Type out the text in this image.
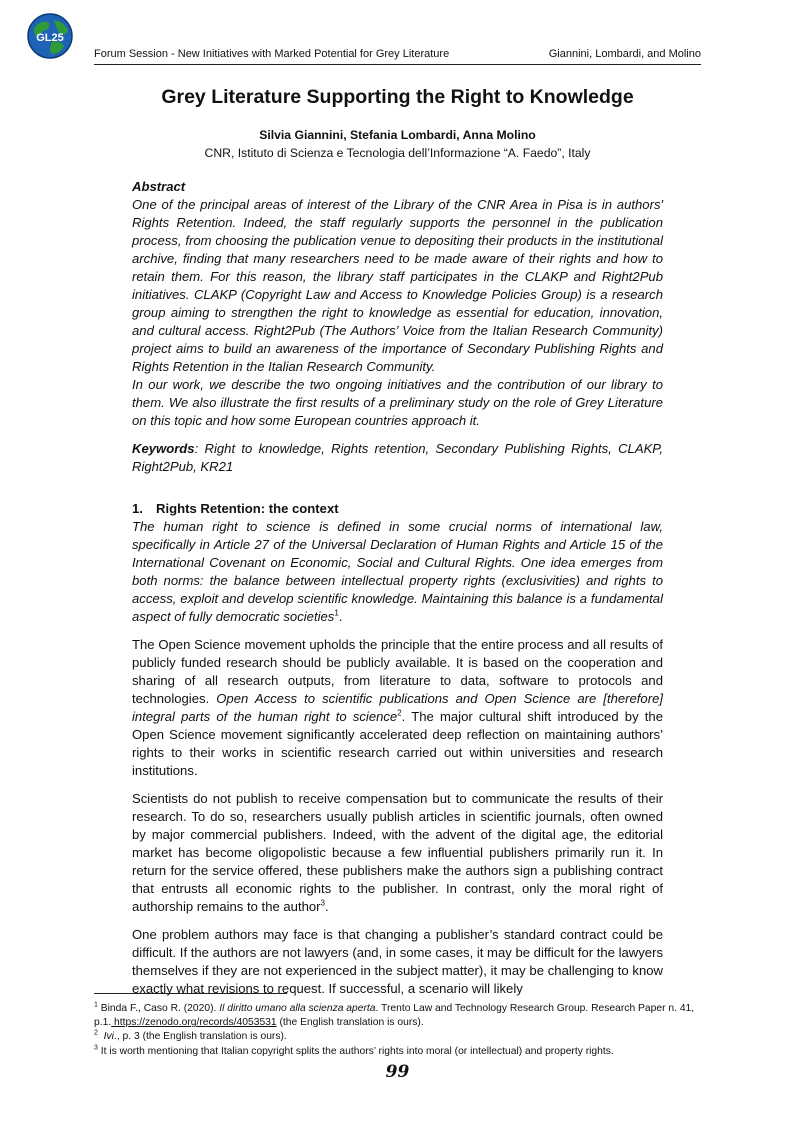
GL25
Forum Session - New Initiatives with Marked Potential for Grey Literature	Giannini, Lombardi, and Molino
Grey Literature Supporting the Right to Knowledge
Silvia Giannini, Stefania Lombardi, Anna Molino
CNR, Istituto di Scienza e Tecnologia dell’Informazione “A. Faedo”, Italy

Abstract

One of the principal areas of interest of the Library of the CNR Area in Pisa is in authors' Rights Retention. Indeed, the staff regularly supports the personnel in the publication process, from choosing the publication venue to depositing their products in the institutional archive, finding that many researchers need to be made aware of their rights and how to retain them. For this reason, the library staff participates in the CLAKP and Right2Pub initiatives. CLAKP (Copyright Law and Access to Knowledge Policies Group) is a research group aiming to strengthen the right to knowledge as essential for education, innovation, and cultural access. Right2Pub (The Authors’ Voice from the Italian Research Community) project aims to build an awareness of the importance of Secondary Publishing Rights and Rights Retention in the Italian Research Community.

In our work, we describe the two ongoing initiatives and the contribution of our library to them. We also illustrate the first results of a preliminary study on the role of Grey Literature on this topic and how some European countries approach it.

Keywords: Right to knowledge, Rights retention, Secondary Publishing Rights, CLAKP, Right2Pub, KR21

1. Rights Retention: the context

The human right to science is defined in some crucial norms of international law, specifically in Article 27 of the Universal Declaration of Human Rights and Article 15 of the International Covenant on Economic, Social and Cultural Rights. One idea emerges from both norms: the balance between intellectual property rights (exclusivities) and rights to access, exploit and develop scientific knowledge. Maintaining this balance is a fundamental aspect of fully democratic societies$^1$.

The Open Science movement upholds the principle that the entire process and all results of publicly funded research should be publicly available. It is based on the cooperation and sharing of all research outputs, from literature to data, software to protocols and technologies. Open Access to scientific publications and Open Science are [therefore] integral parts of the human right to science$^2$. The major cultural shift introduced by the Open Science movement significantly accelerated deep reflection on maintaining authors’ rights to their works in scientific research carried out within universities and research institutions.

Scientists do not publish to receive compensation but to communicate the results of their research. To do so, researchers usually publish articles in scientific journals, often owned by major commercial publishers. Indeed, with the advent of the digital age, the editorial market has become oligopolistic because a few influential publishers primarily run it. In return for the service offered, these publishers make the authors sign a publishing contract that entrusts all economic rights to the publisher. In contrast, only the moral right of authorship remains to the author$^3$.

One problem authors may face is that changing a publisher’s standard contract could be difficult. If the authors are not lawyers (and, in some cases, it may be difficult for the lawyers themselves if they are not experienced in the subject matter), it may be challenging to know exactly what revisions to request. If successful, a scenario will likely

$^1$ Binda F., Caso R. (2020). Il diritto umano alla scienza aperta. Trento Law and Technology Research Group. Research Paper n. 41, p.1. https://zenodo.org/records/4053531 (the English translation is ours).

$^2$ Ivi., p. 3 (the English translation is ours).

$^3$ It is worth mentioning that Italian copyright splits the authors’ rights into moral (or intellectual) and property rights.

99
